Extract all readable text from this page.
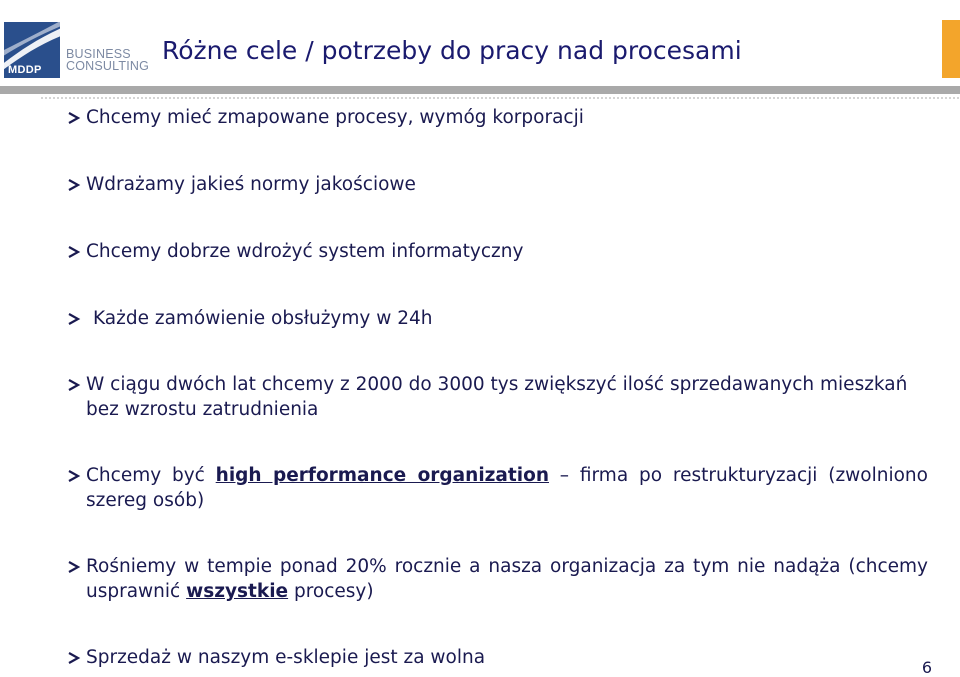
MDDP
BUSINESS
CONSULTING
Różne cele / potrzeby do pracy nad procesami
Chcemy mieć zmapowane procesy, wymóg korporacji
Wdrażamy jakieś normy jakościowe
Chcemy dobrze wdrożyć system informatyczny
Każde zamówienie obsłużymy w 24h
W ciągu dwóch lat chcemy z 2000 do 3000 tys zwiększyć ilość sprzedawanych mieszkań bez wzrostu zatrudnienia
Chcemy być high performance organization – firma po restrukturyzacji (zwolniono szereg osób)
Rośniemy w tempie ponad 20% rocznie a nasza organizacja za tym nie nadąża (chcemy usprawnić wszystkie procesy)
Sprzedaż w naszym e-sklepie jest za wolna	6
